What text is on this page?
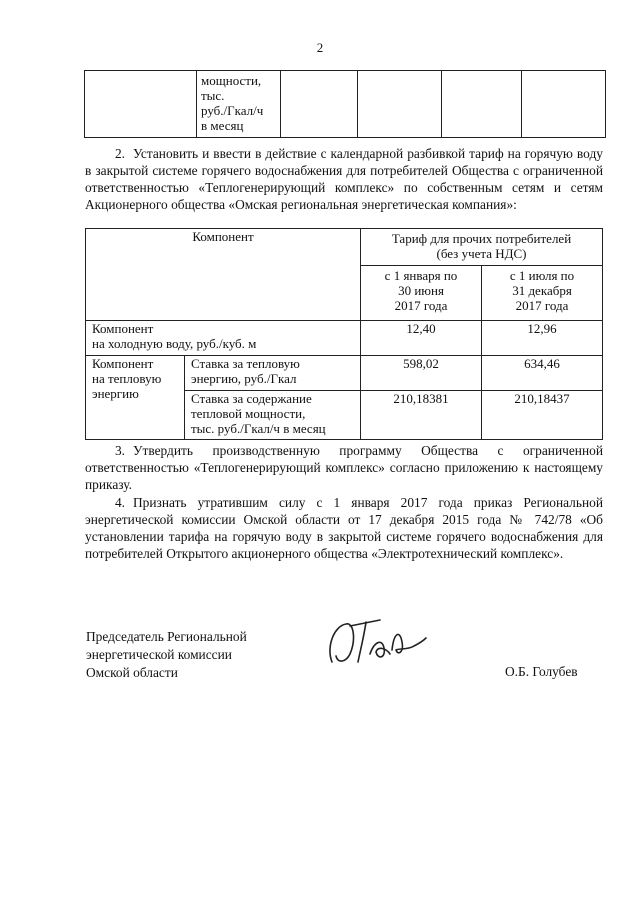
2

мощности,
тыс.
руб./Гкал/ч
в месяц

2. Установить и ввести в действие с календарной разбивкой тариф на горячую воду в закрытой системе горячего водоснабжения для потребителей Общества с ограниченной ответственностью «Теплогенерирующий комплекс» по собственным сетям и сетям Акционерного общества «Омская региональная энергетическая компания»:
Компонент		Тариф для прочих потребителей
(без учета НДС)	
		с 1 января по
30 июня
2017 года	с 1 июля по
31 декабря
2017 года
Компонент
на холодную воду, руб./куб. м		12,40	12,96
Компонент
на тепловую
энергию	Ставка за тепловую
энергию, руб./Гкал	598,02	634,46
	Ставка за содержание
тепловой мощности,
тыс. руб./Гкал/ч в месяц	210,18381	210,18437
3. Утвердить производственную программу Общества с ограниченной ответственностью «Теплогенерирующий комплекс» согласно приложению к настоящему приказу.
4. Признать утратившим силу с 1 января 2017 года приказ Региональной энергетической комиссии Омской области от 17 декабря 2015 года № 742/78 «Об установлении тарифа на горячую воду в закрытой системе горячего водоснабжения для потребителей Открытого акционерного общества «Электротехнический комплекс».
Председатель Региональной
энергетической комиссии
Омской области	О.Б. Голубев
